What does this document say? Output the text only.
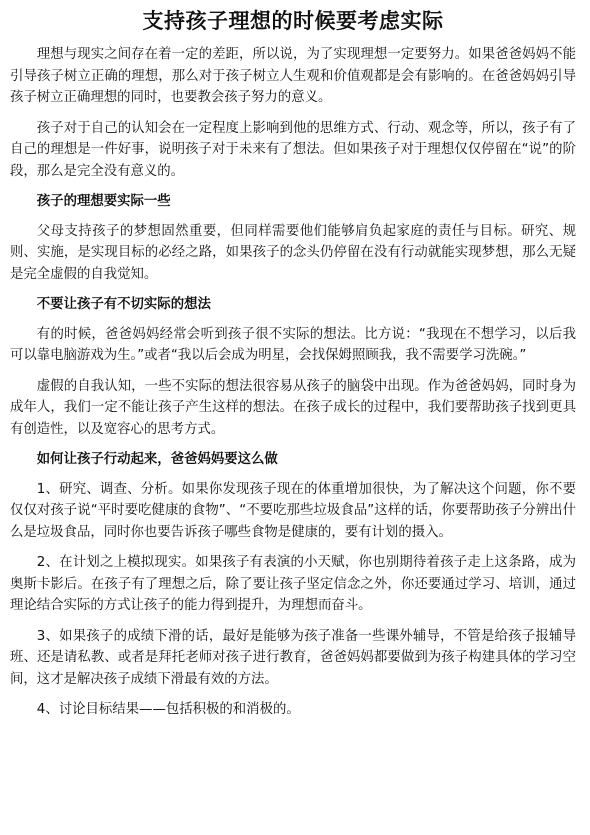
支持孩子理想的时候要考虑实际

理想与现实之间存在着一定的差距，所以说，为了实现理想一定要努力。如果爸爸妈妈不能引导孩子树立正确的理想，那么对于孩子树立人生观和价值观都是会有影响的。在爸爸妈妈引导孩子树立正确理想的同时，也要教会孩子努力的意义。

孩子对于自己的认知会在一定程度上影响到他的思维方式、行动、观念等，所以，孩子有了自己的理想是一件好事，说明孩子对于未来有了想法。但如果孩子对于理想仅仅停留在“说”的阶段，那么是完全没有意义的。

孩子的理想要实际一些

父母支持孩子的梦想固然重要，但同样需要他们能够肩负起家庭的责任与目标。研究、规则、实施，是实现目标的必经之路，如果孩子的念头仍停留在没有行动就能实现梦想，那么无疑是完全虚假的自我觉知。

不要让孩子有不切实际的想法

有的时候，爸爸妈妈经常会听到孩子很不实际的想法。比方说：“我现在不想学习，以后我可以靠电脑游戏为生。”或者“我以后会成为明星，会找保姆照顾我，我不需要学习洗碗。”

虚假的自我认知，一些不实际的想法很容易从孩子的脑袋中出现。作为爸爸妈妈，同时身为成年人，我们一定不能让孩子产生这样的想法。在孩子成长的过程中，我们要帮助孩子找到更具有创造性，以及宽容心的思考方式。

如何让孩子行动起来，爸爸妈妈要这么做

1、研究、调查、分析。如果你发现孩子现在的体重增加很快，为了解决这个问题，你不要仅仅对孩子说“平时要吃健康的食物”、“不要吃那些垃圾食品”这样的话，你要帮助孩子分辨出什么是垃圾食品，同时你也要告诉孩子哪些食物是健康的，要有计划的摄入。

2、在计划之上模拟现实。如果孩子有表演的小天赋，你也别期待着孩子走上这条路，成为奥斯卡影后。在孩子有了理想之后，除了要让孩子坚定信念之外，你还要通过学习、培训，通过理论结合实际的方式让孩子的能力得到提升，为理想而奋斗。

3、如果孩子的成绩下滑的话，最好是能够为孩子准备一些课外辅导，不管是给孩子报辅导班、还是请私教、或者是拜托老师对孩子进行教育，爸爸妈妈都要做到为孩子构建具体的学习空间，这才是解决孩子成绩下滑最有效的方法。

4、讨论目标结果——包括积极的和消极的。
